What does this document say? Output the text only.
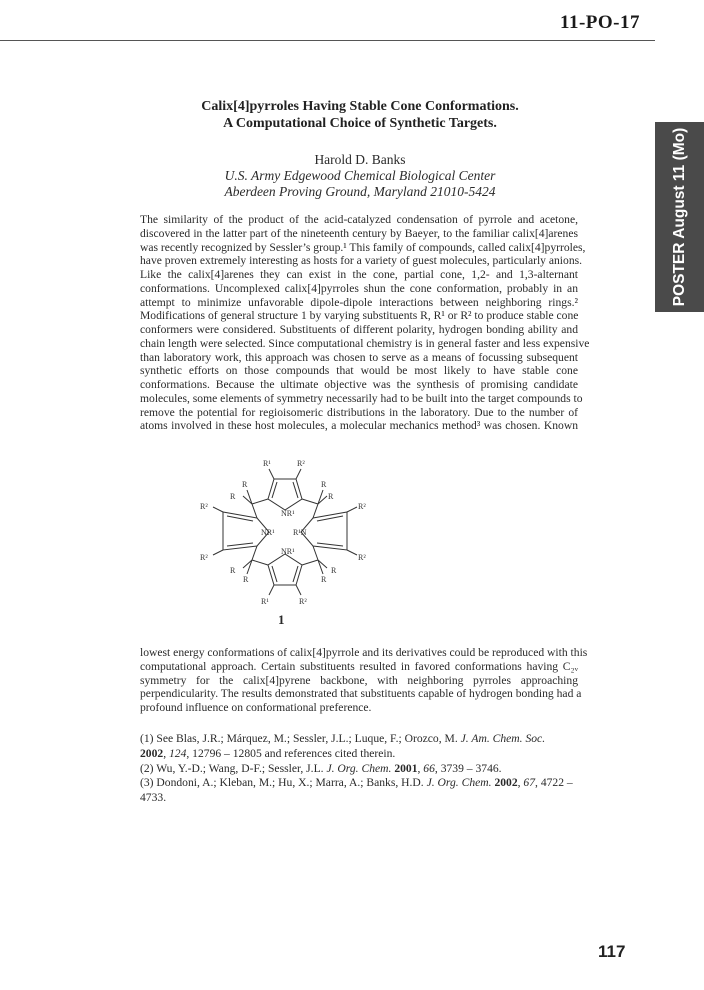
11-PO-17
POSTER August 11 (Mo)
Calix[4]pyrroles Having Stable Cone Conformations.
A Computational Choice of Synthetic Targets.
Harold D. Banks
U.S. Army Edgewood Chemical Biological Center
Aberdeen Proving Ground, Maryland 21010-5424
The similarity of the product of the acid-catalyzed condensation of pyrrole and acetone,
discovered in the latter part of the nineteenth century by Baeyer, to the familiar calix[4]arenes
was recently recognized by Sessler’s group.¹ This family of compounds, called calix[4]pyrroles,
have proven extremely interesting as hosts for a variety of guest molecules, particularly anions.
Like the calix[4]arenes they can exist in the cone, partial cone, 1,2- and 1,3-alternant
conformations. Uncomplexed calix[4]pyrroles shun the cone conformation, probably in an
attempt to minimize unfavorable dipole-dipole interactions between neighboring rings.²
Modifications of general structure 1 by varying substituents R, R¹ or R² to produce stable cone
conformers were considered. Substituents of different polarity, hydrogen bonding ability and
chain length were selected. Since computational chemistry is in general faster and less expensive
than laboratory work, this approach was chosen to serve as a means of focussing subsequent
synthetic efforts on those compounds that would be most likely to have stable cone
conformations. Because the ultimate objective was the synthesis of promising candidate
molecules, some elements of symmetry necessarily had to be built into the target compounds to
remove the potential for regioisomeric distributions in the laboratory. Due to the number of
atoms involved in these host molecules, a molecular mechanics method³ was chosen. Known
R¹	R²
NR¹
R
R
R
R
R²
R²
R²
R²
NR¹ R¹N
NR¹
R
R
R
R
R¹	R²
1
lowest energy conformations of calix[4]pyrrole and its derivatives could be reproduced with this
computational approach. Certain substituents resulted in favored conformations having C₂ᵥ
symmetry for the calix[4]pyrene backbone, with neighboring pyrroles approaching
perpendicularity. The results demonstrated that substituents capable of hydrogen bonding had a
profound influence on conformational preference.
(1) See Blas, J.R.; Márquez, M.; Sessler, J.L.; Luque, F.; Orozco, M. J. Am. Chem. Soc.
2002, 124, 12796 – 12805 and references cited therein.
(2) Wu, Y.-D.; Wang, D-F.; Sessler, J.L. J. Org. Chem. 2001, 66, 3739 – 3746.
(3) Dondoni, A.; Kleban, M.; Hu, X.; Marra, A.; Banks, H.D. J. Org. Chem. 2002, 67, 4722 –
4733.
117
